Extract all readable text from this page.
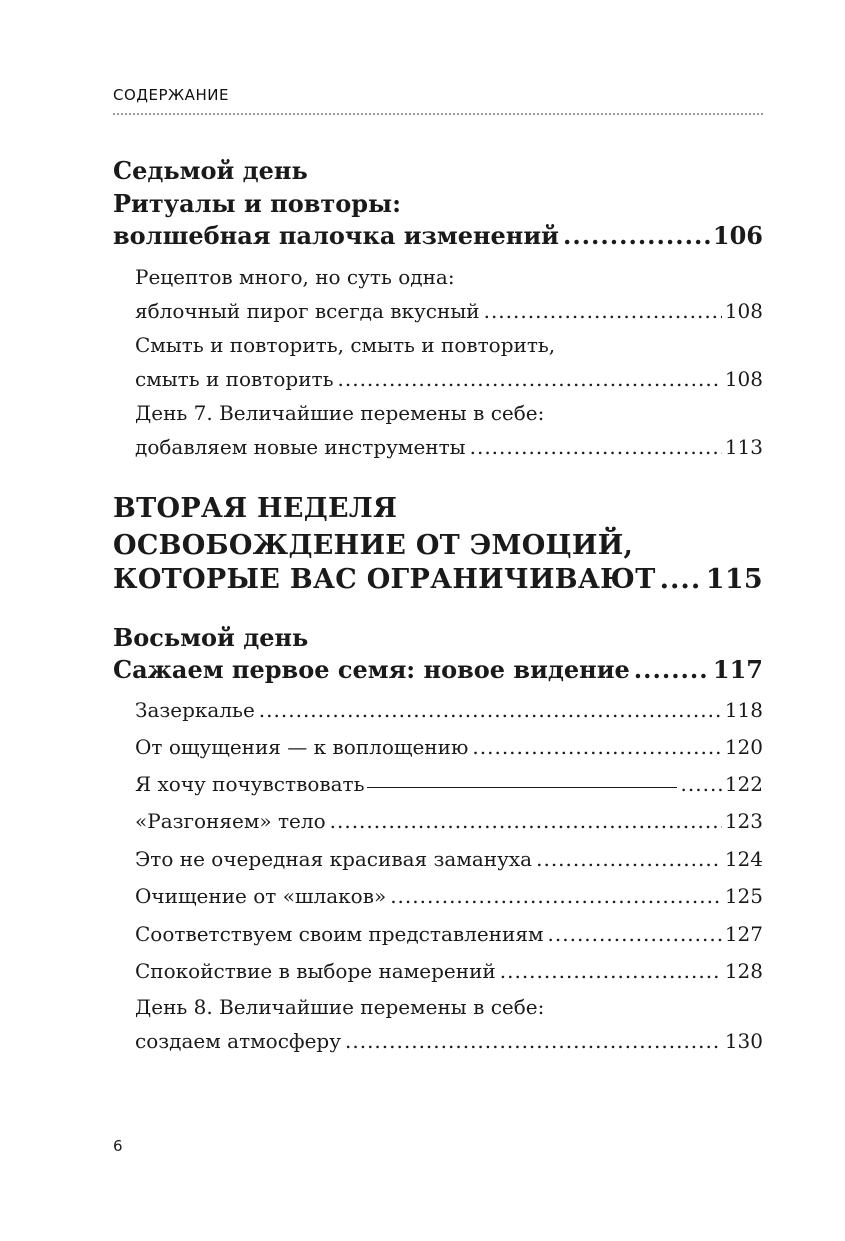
СОДЕРЖАНИЕ
Седьмой день
Ритуалы и повторы:
волшебная палочка изменений .....	106
Рецептов много, но суть одна:
яблочный пирог всегда вкусный .....	108
Смыть и повторить, смыть и повторить,
смыть и повторить .....	108
День 7. Величайшие перемены в себе:
добавляем новые инструменты .....	113
ВТОРАЯ НЕДЕЛЯ
ОСВОБОЖДЕНИЕ ОТ ЭМОЦИЙ,
КОТОРЫЕ ВАС ОГРАНИЧИВАЮТ ..... 115
Восьмой день
Сажаем первое семя: новое видение .....	117
Зазеркалье .....	118
От ощущения — к воплощению .....	120
Я хочу почувствовать .....	122
«Разгоняем» тело .....	123
Это не очередная красивая замануха .....	124
Очищение от «шлаков» .....	125
Соответствуем своим представлениям .....	127
Спокойствие в выборе намерений .....	128
День 8. Величайшие перемены в себе:
создаем атмосферу .....	130
6
